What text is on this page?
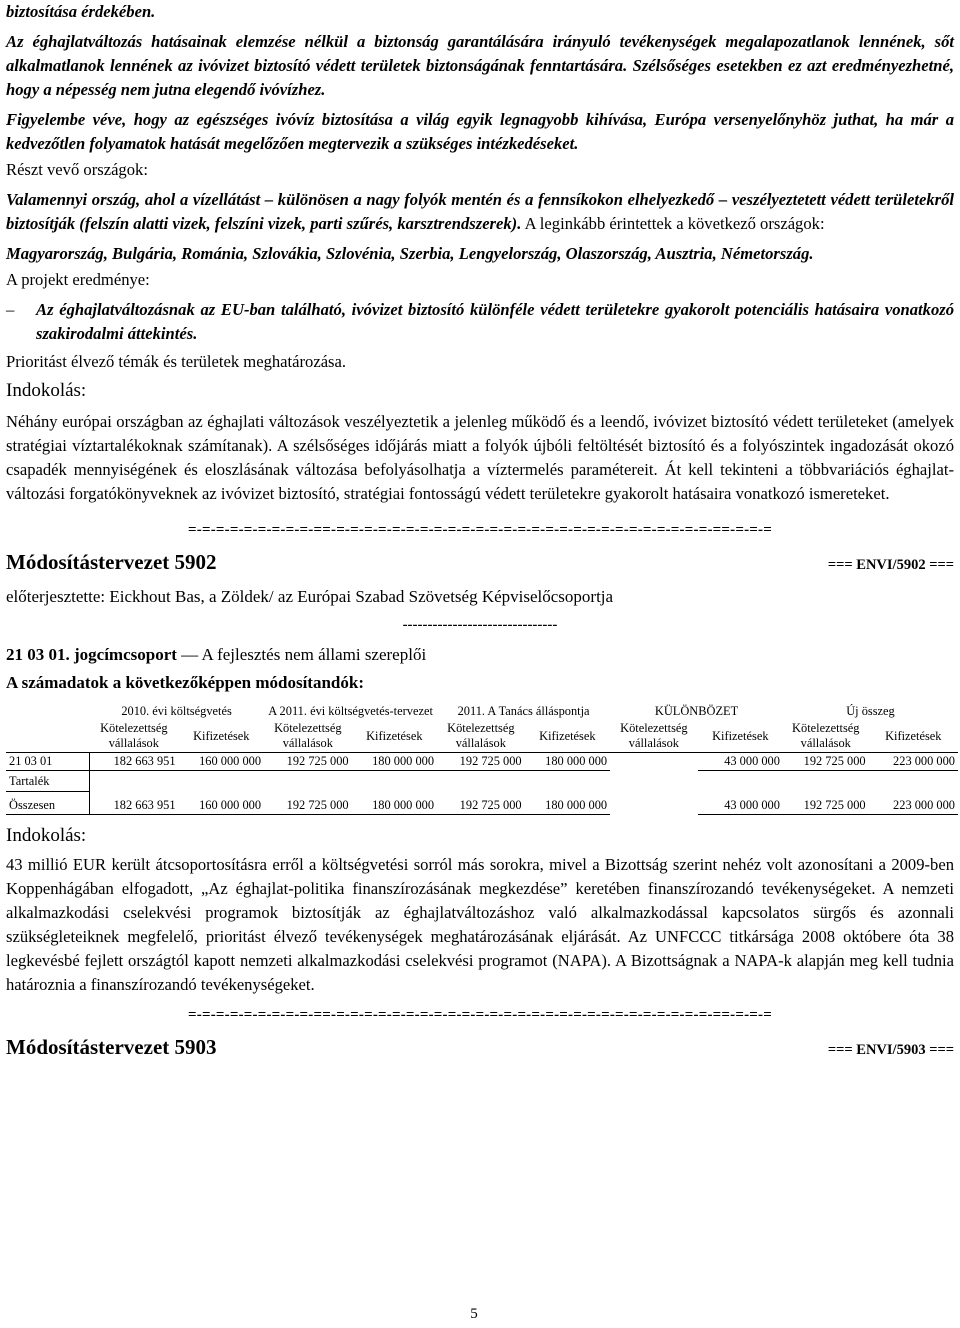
biztosítása érdekében.

Az éghajlatváltozás hatásainak elemzése nélkül a biztonság garantálására irányuló tevékenységek megalapozatlanok lennének, sőt alkalmatlanok lennének az ivóvizet biztosító védett területek biztonságának fenntartására. Szélsőséges esetekben ez azt eredményezhetné, hogy a népesség nem jutna elegendő ivóvízhez.

Figyelembe véve, hogy az egészséges ivóvíz biztosítása a világ egyik legnagyobb kihívása, Európa versenyelőnyhöz juthat, ha már a kedvezőtlen folyamatok hatását megelőzően megtervezik a szükséges intézkedéseket.

Részt vevő országok:

Valamennyi ország, ahol a vízellátást – különösen a nagy folyók mentén és a fennsíkokon elhelyezkedő – veszélyeztetett védett területekről biztosítják (felszín alatti vizek, felszíni vizek, parti szűrés, karsztrendszerek). A leginkább érintettek a következő országok:

Magyarország, Bulgária, Románia, Szlovákia, Szlovénia, Szerbia, Lengyelország, Olaszország, Ausztria, Németország.

A projekt eredménye:

–	Az éghajlatváltozásnak az EU-ban található, ivóvizet biztosító különféle védett területekre gyakorolt potenciális hatásaira vonatkozó szakirodalmi áttekintés.

Prioritást élvező témák és területek meghatározása.

Indokolás:

Néhány európai országban az éghajlati változások veszélyeztetik a jelenleg működő és a leendő, ivóvizet biztosító védett területeket (amelyek stratégiai víztartalékoknak számítanak). A szélsőséges időjárás miatt a folyók újbóli feltöltését biztosító és a folyószintek ingadozását okozó csapadék mennyiségének és eloszlásának változása befolyásolhatja a víztermelés paramétereit. Át kell tekinteni a többvariációs éghajlat-változási forgatókönyveknek az ivóvizet biztosító, stratégiai fontosságú védett területekre gyakorolt hatásaira vonatkozó ismereteket.

=-=-=-=-=-=-=-=-=-==-=-=-=-=-=-=-=-=-=-=-=-=-=-=-=-=-=-=-=-=-=-=-=-=-=-=-=-==-=-=-=

Módosítástervezet 5902	=== ENVI/5902 ===

előterjesztette: Eickhout Bas, a Zöldek/ az Európai Szabad Szövetség Képviselőcsoportja

-------------------------------

21 03 01. jogcímcsoport — A fejlesztés nem állami szereplői

A számadatok a következőképpen módosítandók:

	2010. évi költségvetés		A 2011. évi költségvetés-tervezet		2011. A Tanács álláspontja		KÜLÖNBÖZET		Új összeg	
	Kötelezettség vállalások	Kifizetések	Kötelezettség vállalások	Kifizetések	Kötelezettség vállalások	Kifizetések	Kötelezettség vállalások	Kifizetések	Kötelezettség vállalások	Kifizetések
21 03 01	182 663 951	160 000 000	192 725 000	180 000 000	192 725 000	180 000 000		43 000 000	192 725 000	223 000 000
Tartalék										
Összesen	182 663 951	160 000 000	192 725 000	180 000 000	192 725 000	180 000 000		43 000 000	192 725 000	223 000 000

Indokolás:

43 millió EUR került átcsoportosításra erről a költségvetési sorról más sorokra, mivel a Bizottság szerint nehéz volt azonosítani a 2009-ben Koppenhágában elfogadott, „Az éghajlat-politika finanszírozásának megkezdése” keretében finanszírozandó tevékenységeket. A nemzeti alkalmazkodási cselekvési programok biztosítják az éghajlatváltozáshoz való alkalmazkodással kapcsolatos sürgős és azonnali szükségleteiknek megfelelő, prioritást élvező tevékenységek meghatározásának eljárását. Az UNFCCC titkársága 2008 októbere óta 38 legkevésbé fejlett országtól kapott nemzeti alkalmazkodási cselekvési programot (NAPA). A Bizottságnak a NAPA-k alapján meg kell tudnia határoznia a finanszírozandó tevékenységeket.

=-=-=-=-=-=-=-=-=-==-=-=-=-=-=-=-=-=-=-=-=-=-=-=-=-=-=-=-=-=-=-=-=-=-=-=-=-==-=-=-=

Módosítástervezet 5903	=== ENVI/5903 ===

5
